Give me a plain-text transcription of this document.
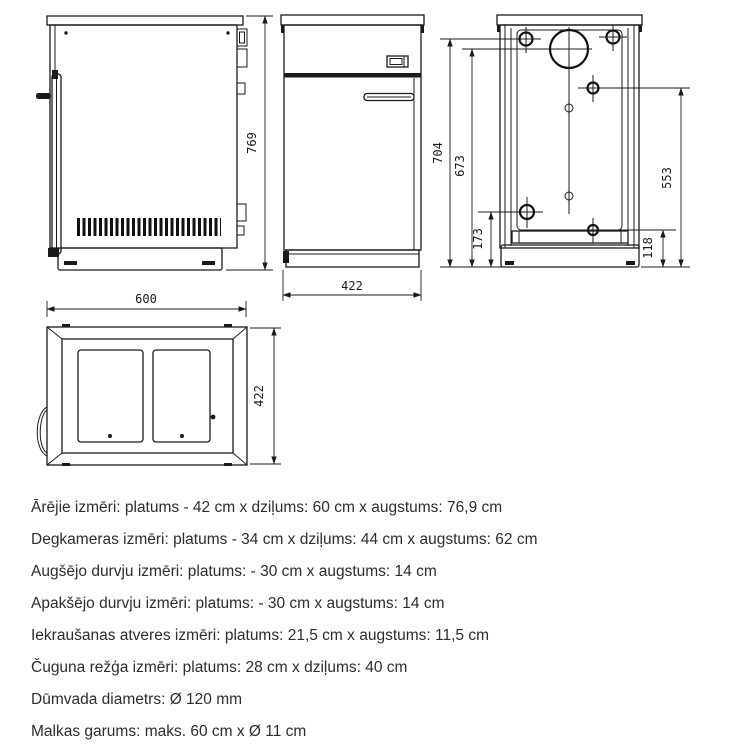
769
600
422
704
673
553
118
173
422

Ārējie izmēri: platums - 42 cm x dziļums: 60 cm x augstums: 76,9 cm

Degkameras izmēri: platums - 34 cm x dziļums: 44 cm x augstums: 62 cm

Augšējo durvju izmēri: platums: - 30 cm x augstums: 14 cm

Apakšējo durvju izmēri: platums: - 30 cm x augstums: 14 cm

Iekraušanas atveres izmēri: platums: 21,5 cm x augstums: 11,5 cm

Čuguna režģa izmēri: platums: 28 cm x dziļums: 40 cm

Dūmvada diametrs: Ø 120 mm

Malkas garums: maks. 60 cm x Ø 11 cm
